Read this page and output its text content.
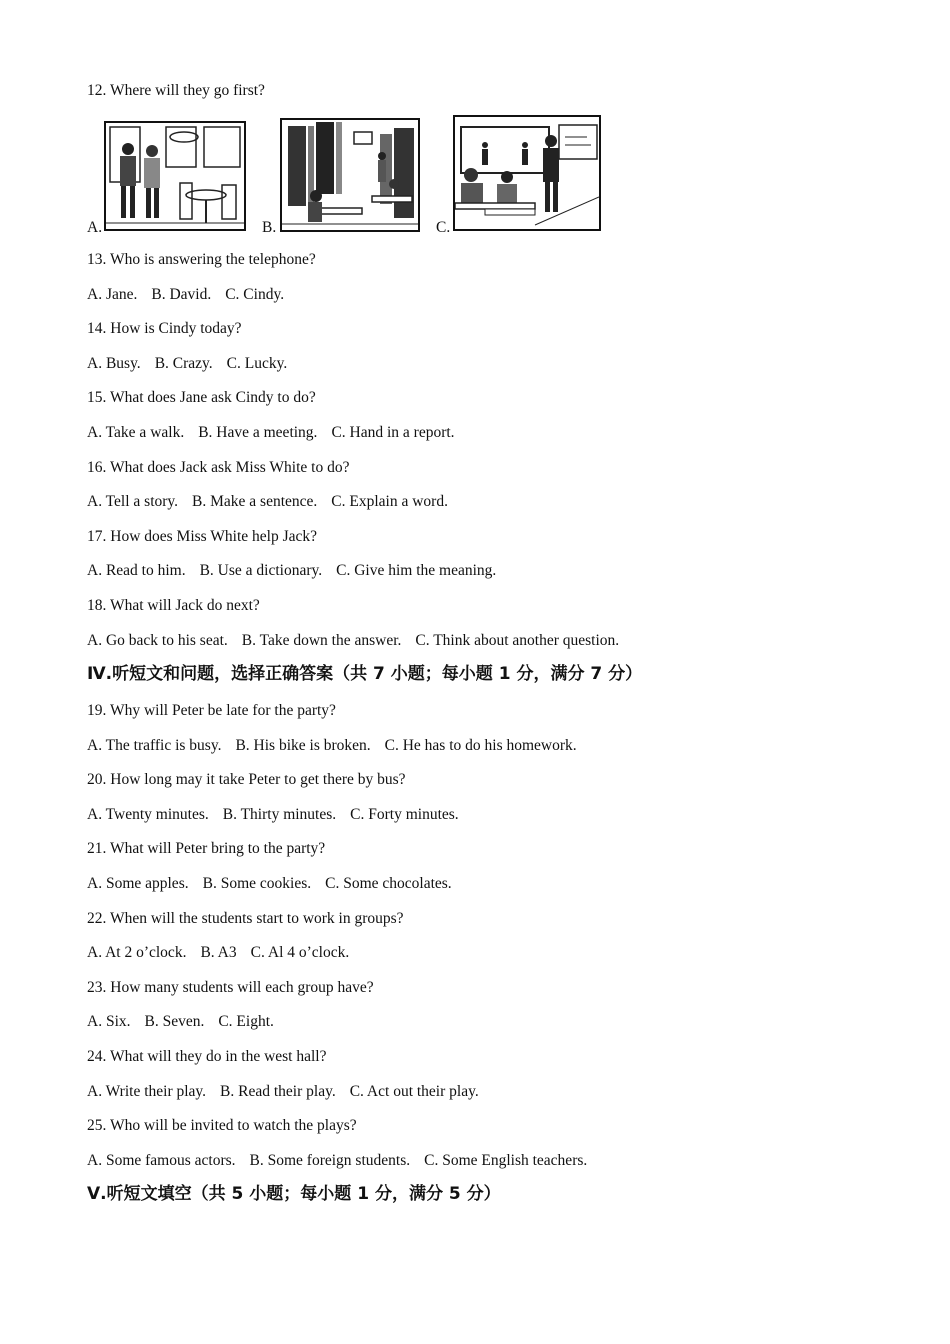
12. Where will they go first?
A.	B.	C.
13. Who is answering the telephone?
A. Jane. B. David. C. Cindy.
14. How is Cindy today?
A. Busy. B. Crazy. C. Lucky.
15. What does Jane ask Cindy to do?
A. Take a walk. B. Have a meeting. C. Hand in a report.
16. What does Jack ask Miss White to do?
A. Tell a story. B. Make a sentence. C. Explain a word.
17. How does Miss White help Jack?
A. Read to him. B. Use a dictionary. C. Give him the meaning.
18. What will Jack do next?
A. Go back to his seat. B. Take down the answer. C. Think about another question.
Ⅳ.听短文和问题，选择正确答案（共 7 小题；每小题 1 分，满分 7 分）
19. Why will Peter be late for the party?
A. The traffic is busy. B. His bike is broken. C. He has to do his homework.
20. How long may it take Peter to get there by bus?
A. Twenty minutes. B. Thirty minutes. C. Forty minutes.
21. What will Peter bring to the party?
A. Some apples. B. Some cookies. C. Some chocolates.
22. When will the students start to work in groups?
A. At 2 o’clock. B. A3 C. Al 4 o’clock.
23. How many students will each group have?
A. Six. B. Seven. C. Eight.
24. What will they do in the west hall?
A. Write their play. B. Read their play. C. Act out their play.
25. Who will be invited to watch the plays?
A. Some famous actors. B. Some foreign students. C. Some English teachers.
Ⅴ.听短文填空（共 5 小题；每小题 1 分，满分 5 分）
